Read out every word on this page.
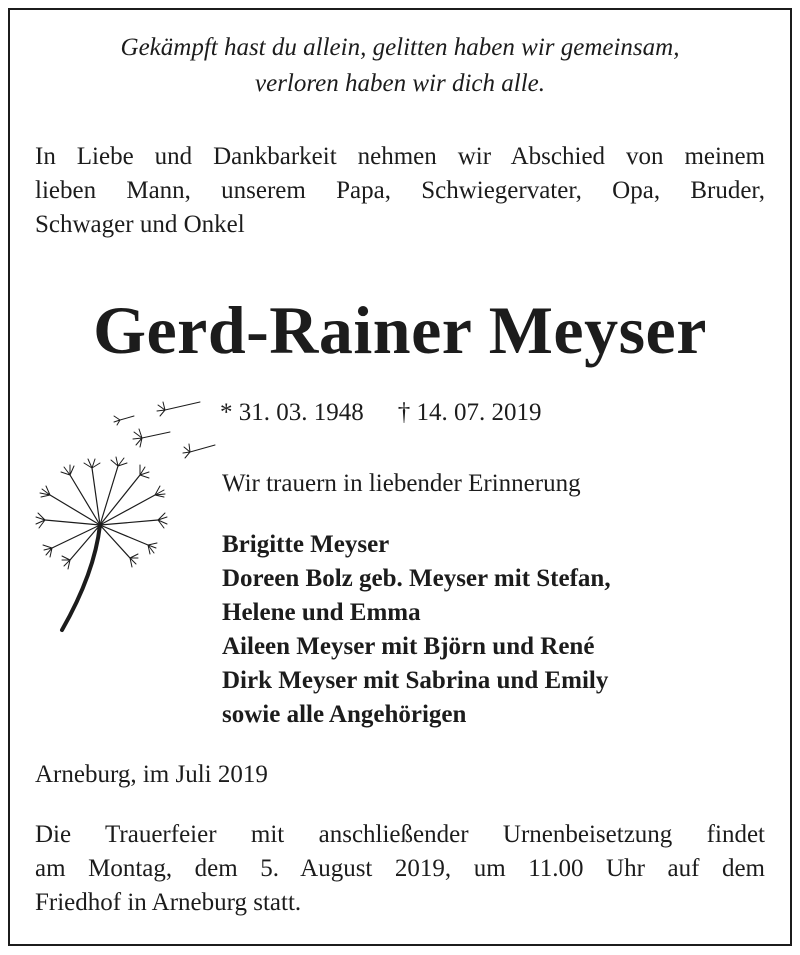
Gekämpft hast du allein, gelitten haben wir gemeinsam,
verloren haben wir dich alle.
In Liebe und Dankbarkeit nehmen wir Abschied von meinem
lieben Mann, unserem Papa, Schwiegervater, Opa, Bruder,
Schwager und Onkel
Gerd-Rainer Meyser
* 31. 03. 1948 † 14. 07. 2019
Wir trauern in liebender Erinnerung
Brigitte Meyser
Doreen Bolz geb. Meyser mit Stefan,
Helene und Emma
Aileen Meyser mit Björn und René
Dirk Meyser mit Sabrina und Emily
sowie alle Angehörigen
Arneburg, im Juli 2019
Die Trauerfeier mit anschließender Urnenbeisetzung findet
am Montag, dem 5. August 2019, um 11.00 Uhr auf dem
Friedhof in Arneburg statt.
